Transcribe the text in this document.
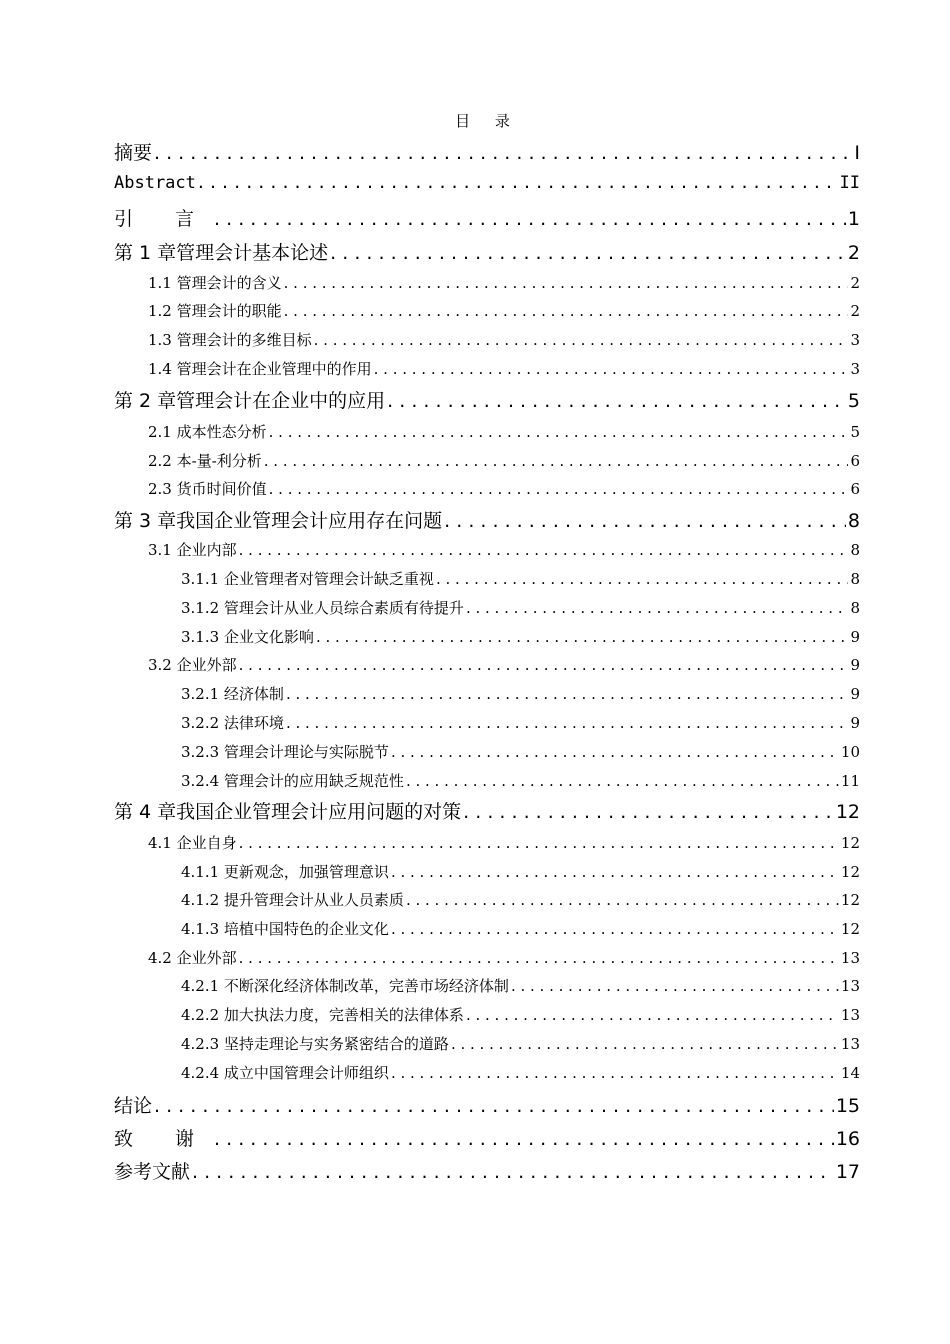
目 录
摘要 . . .	I
Abstract . . .	II
引 言 . . .	1
第 1 章管理会计基本论述 . . .	2
1.1 管理会计的含义 . . .	2
1.2 管理会计的职能 . . .	2
1.3 管理会计的多维目标 . . .	3
1.4 管理会计在企业管理中的作用 . . .	3
第 2 章管理会计在企业中的应用 . . .	5
2.1 成本性态分析 . . .	5
2.2 本-量-利分析 . . .	6
2.3 货币时间价值 . . .	6
第 3 章我国企业管理会计应用存在问题 . . .	8
3.1 企业内部 . . .	8
3.1.1 企业管理者对管理会计缺乏重视 . . .	8
3.1.2 管理会计从业人员综合素质有待提升 . . .	8
3.1.3 企业文化影响 . . .	9
3.2 企业外部 . . .	9
3.2.1 经济体制 . . .	9
3.2.2 法律环境 . . .	9
3.2.3 管理会计理论与实际脱节 . . .	10
3.2.4 管理会计的应用缺乏规范性 . . .	11
第 4 章我国企业管理会计应用问题的对策 . . .	12
4.1 企业自身 . . .	12
4.1.1 更新观念，加强管理意识 . . .	12
4.1.2 提升管理会计从业人员素质 . . .	12
4.1.3 培植中国特色的企业文化 . . .	12
4.2 企业外部 . . .	13
4.2.1 不断深化经济体制改革，完善市场经济体制 . . .	13
4.2.2 加大执法力度，完善相关的法律体系 . . .	13
4.2.3 坚持走理论与实务紧密结合的道路 . . .	13
4.2.4 成立中国管理会计师组织 . . .	14
结论 . . .	15
致 谢 . . .	16
参考文献 . . .	17
